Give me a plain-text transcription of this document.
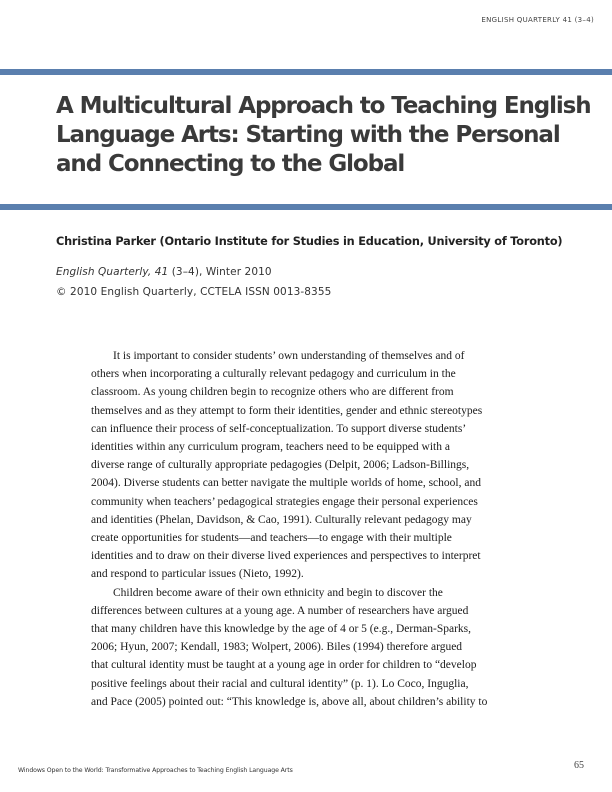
ENGLISH QUARTERLY 41 (3–4)
A Multicultural Approach to Teaching English
Language Arts: Starting with the Personal
and Connecting to the Global
Christina Parker (Ontario Institute for Studies in Education, University of Toronto)
English Quarterly, 41 (3–4), Winter 2010
© 2010 English Quarterly, CCTELA ISSN 0013-8355

It is important to consider students’ own understanding of themselves and of
others when incorporating a culturally relevant pedagogy and curriculum in the
classroom. As young children begin to recognize others who are different from
themselves and as they attempt to form their identities, gender and ethnic stereotypes
can influence their process of self-conceptualization. To support diverse students’
identities within any curriculum program, teachers need to be equipped with a
diverse range of culturally appropriate pedagogies (Delpit, 2006; Ladson-Billings,
2004). Diverse students can better navigate the multiple worlds of home, school, and
community when teachers’ pedagogical strategies engage their personal experiences
and identities (Phelan, Davidson, & Cao, 1991). Culturally relevant pedagogy may
create opportunities for students—and teachers—to engage with their multiple
identities and to draw on their diverse lived experiences and perspectives to interpret
and respond to particular issues (Nieto, 1992).

Children become aware of their own ethnicity and begin to discover the
differences between cultures at a young age. A number of researchers have argued
that many children have this knowledge by the age of 4 or 5 (e.g., Derman-Sparks,
2006; Hyun, 2007; Kendall, 1983; Wolpert, 2006). Biles (1994) therefore argued
that cultural identity must be taught at a young age in order for children to “develop
positive feelings about their racial and cultural identity” (p. 1). Lo Coco, Inguglia,
and Pace (2005) pointed out: “This knowledge is, above all, about children’s ability to

Windows Open to the World: Transformative Approaches to Teaching English Language Arts	65
